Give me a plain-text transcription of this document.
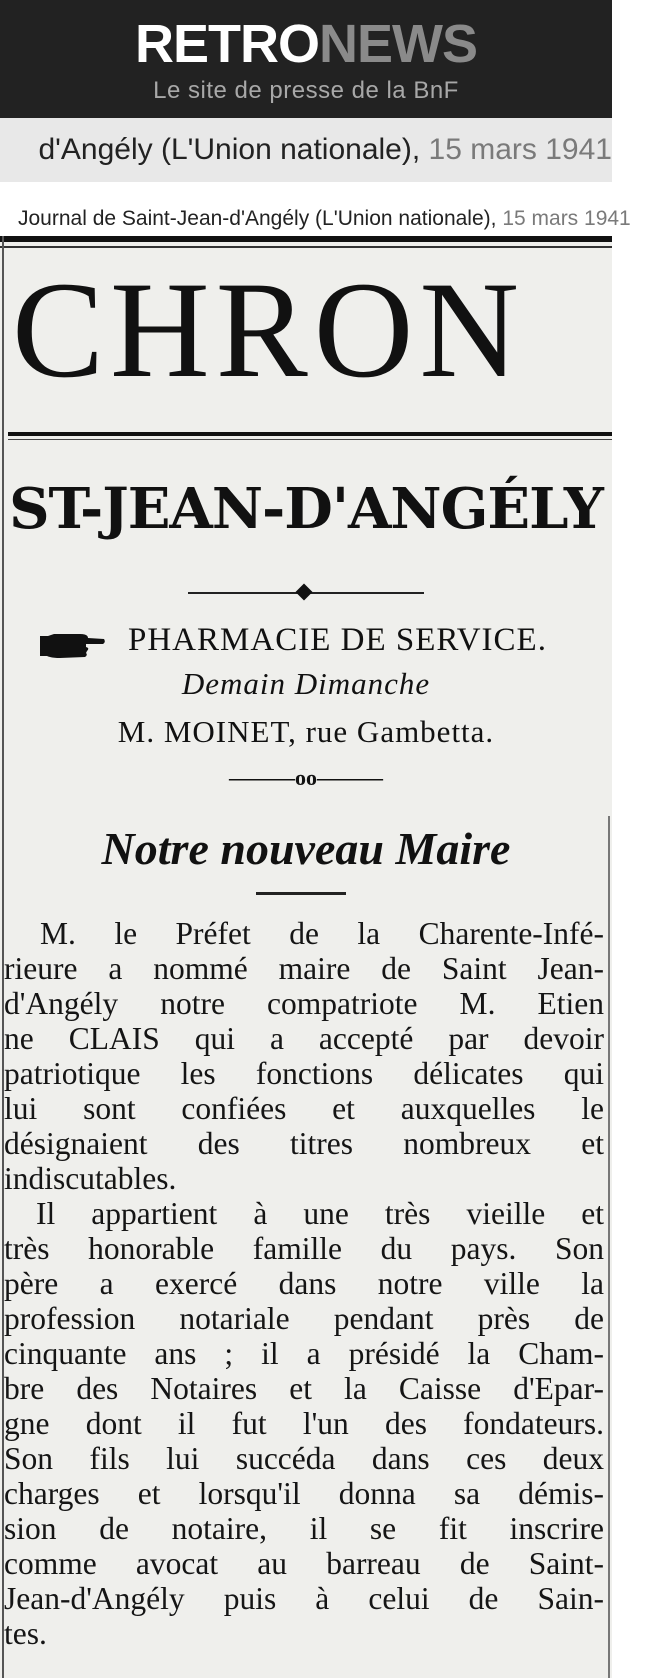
RETRONEWS
Le site de presse de la BnF
d'Angély (L'Union nationale), 15 mars 1941
Journal de Saint-Jean-d'Angély (L'Union nationale), 15 mars 1941
CHRON
ST-JEAN-D'ANGÉLY
PHARMACIE DE SERVICE.
Demain Dimanche
M. MOINET, rue Gambetta.
———oo———
Notre nouveau Maire
M. le Préfet de la Charente-Infé-
rieure a nommé maire de Saint Jean-
d'Angély notre compatriote M. Etien
ne CLAIS qui a accepté par devoir
patriotique les fonctions délicates qui
lui sont confiées et auxquelles le
désignaient des titres nombreux et
indiscutables.
Il appartient à une très vieille et
très honorable famille du pays. Son
père a exercé dans notre ville la
profession notariale pendant près de
cinquante ans ; il a présidé la Cham-
bre des Notaires et la Caisse d'Epar-
gne dont il fut l'un des fondateurs.
Son fils lui succéda dans ces deux
charges et lorsqu'il donna sa démis-
sion de notaire, il se fit inscrire
comme avocat au barreau de Saint-
Jean-d'Angély puis à celui de Sain-
tes.
